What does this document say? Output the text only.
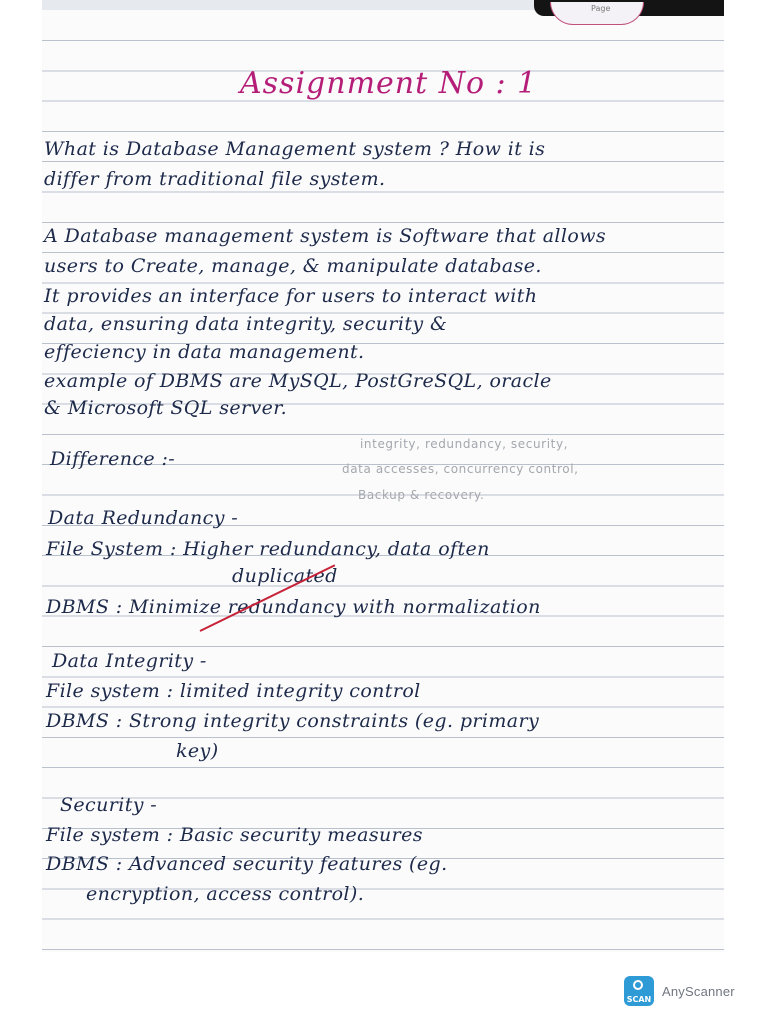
Page
Assignment No : 1
What is Database Management system ? How it is
differ from traditional file system.
A Database management system is Software that allows
users to Create, manage, & manipulate database.
It provides an interface for users to interact with
data, ensuring data integrity, security &
effeciency in data management.
example of DBMS are MySQL, PostGreSQL, oracle
& Microsoft SQL server.
Difference :-
integrity, redundancy, security,
data accesses, concurrency control,
Backup & recovery.
Data Redundancy -
File System : Higher redundancy, data often
duplicated
DBMS : Minimize redundancy with normalization
Data Integrity -
File system : limited integrity control
DBMS : Strong integrity constraints (eg. primary
key)
Security -
File system : Basic security measures
DBMS : Advanced security features (eg.
encryption, access control).
SCAN
AnyScanner
